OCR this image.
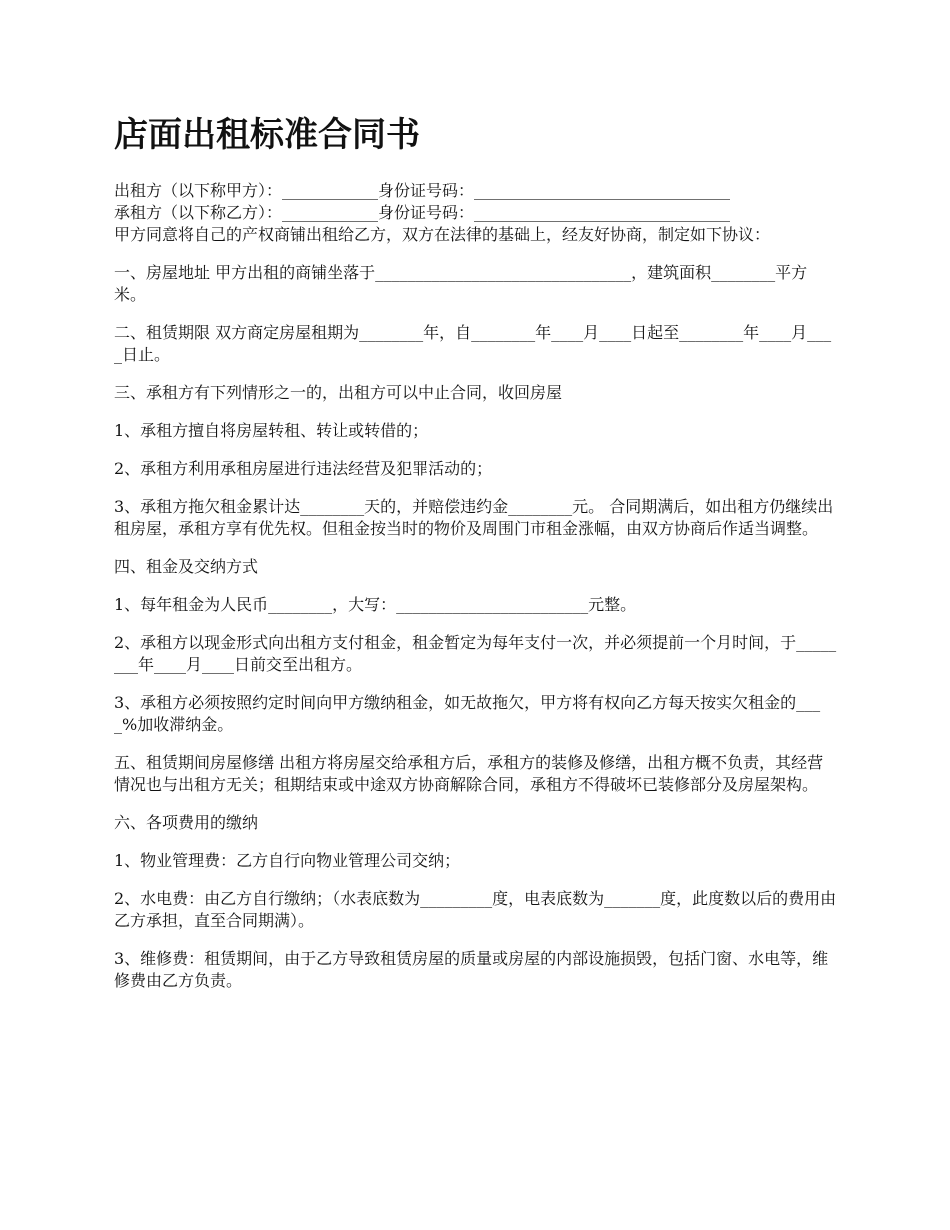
店面出租标准合同书

出租方（以下称甲方）：____________身份证号码：________________________________

承租方（以下称乙方）：____________身份证号码：________________________________

甲方同意将自己的产权商铺出租给乙方，双方在法律的基础上，经友好协商，制定如下协议：

一、房屋地址 甲方出租的商铺坐落于________________________________，建筑面积________平方米。

二、租赁期限 双方商定房屋租期为________年，自________年____月____日起至________年____月____日止。

三、承租方有下列情形之一的，出租方可以中止合同，收回房屋

1、承租方擅自将房屋转租、转让或转借的；

2、承租方利用承租房屋进行违法经营及犯罪活动的；

3、承租方拖欠租金累计达________天的，并赔偿违约金________元。 合同期满后，如出租方仍继续出租房屋，承租方享有优先权。但租金按当时的物价及周围门市租金涨幅，由双方协商后作适当调整。

四、租金及交纳方式

1、每年租金为人民币________，大写：________________________元整。

2、承租方以现金形式向出租方支付租金，租金暂定为每年支付一次，并必须提前一个月时间，于________年____月____日前交至出租方。

3、承租方必须按照约定时间向甲方缴纳租金，如无故拖欠，甲方将有权向乙方每天按实欠租金的____%加收滞纳金。

五、租赁期间房屋修缮 出租方将房屋交给承租方后，承租方的装修及修缮，出租方概不负责，其经营情况也与出租方无关；租期结束或中途双方协商解除合同，承租方不得破坏已装修部分及房屋架构。

六、各项费用的缴纳

1、物业管理费：乙方自行向物业管理公司交纳；

2、水电费：由乙方自行缴纳；（水表底数为_________度，电表底数为_______度，此度数以后的费用由乙方承担，直至合同期满）。

3、维修费：租赁期间，由于乙方导致租赁房屋的质量或房屋的内部设施损毁，包括门窗、水电等，维修费由乙方负责。
